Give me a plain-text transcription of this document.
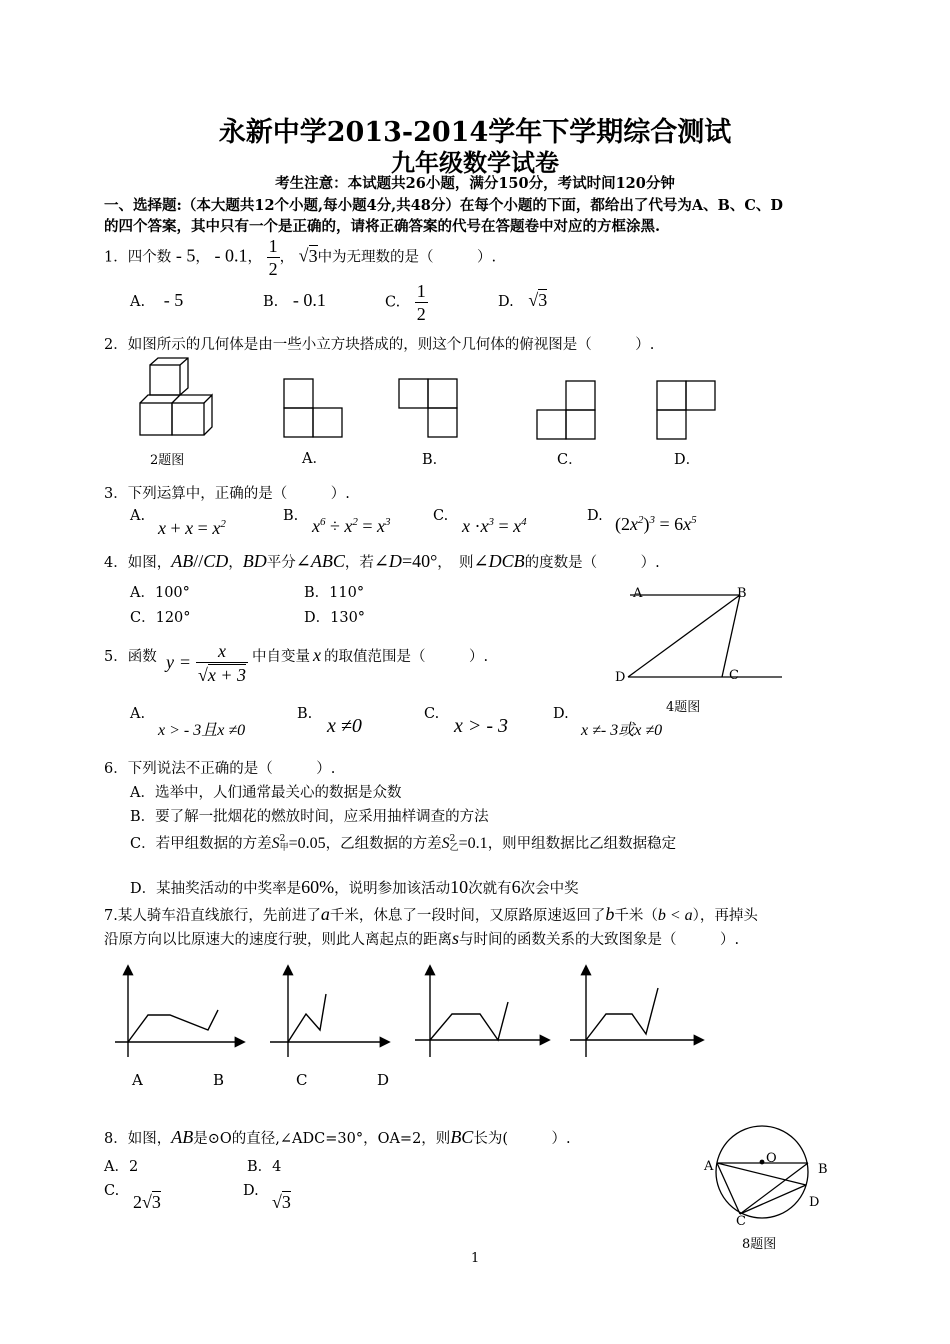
永新中学2013-2014学年下学期综合测试
九年级数学试卷
考生注意：本试题共26小题，满分150分，考试时间120分钟
一、选择题:（本大题共12个小题,每小题4分,共48分）在每个小题的下面，都给出了代号为A、B、C、D
的四个答案，其中只有一个是正确的，请将正确答案的代号在答题卷中对应的方框涂黑.
1．四个数 - 5， - 0.1， $\frac{1}{2}$ ， √3中为无理数的是（　　　）.
A. - 5	B. - 0.1	C. $\frac{1}{2}$	D. √3
2．如图所示的几何体是由一些小立方块搭成的，则这个几何体的俯视图是（　　　）.
2题图	A．	B．	C．	D．
3．下列运算中，正确的是（　　　）.
A.
$x + x = x^2$	B. $x^6 \div x^2 = x^3$	C. $x \cdot x^3 = x^4$	D. $(2x^2)^3 = 6x^5$
4．如图，AB//CD，BD平分∠ABC，若∠D=40°，　则∠DCB的度数是（　　　）.
A．100°	B．110°
C．120°	D．130°
A	B
C
D
4题图
5．函数 y =
x
√x + 3
中自变量 x 的取值范围是（　　　）.
A.
x > - 3且x ≠0
B.
x ≠0
C.
x > - 3
D.
x ≠- 3或x ≠0
6．下列说法不正确的是（　　　）.
A．选举中，人们通常最关心的数据是众数
B．要了解一批烟花的燃放时间，应采用抽样调查的方法
C．若甲组数据的方差S 2
甲 =0.05，乙组数据的方差S 2
乙 =0.1，则甲组数据比乙组数据稳定
D．某抽奖活动的中奖率是60%，说明参加该活动10次就有6次会中奖
7.某人骑车沿直线旅行，先前进了a千米，休息了一段时间，又原路原速返回了b千米（b < a），再掉头
沿原方向以比原速大的速度行驶，则此人离起点的距离s与时间的函数关系的大致图象是（　　　）.
A	B	C	D
8．如图，AB是⊙O的直径,∠ADC=30°，OA=2，则BC长为(　　　）.
A．2	B．4
C.
2√3
D.
√3
O
A	B
C
D
8题图
1
